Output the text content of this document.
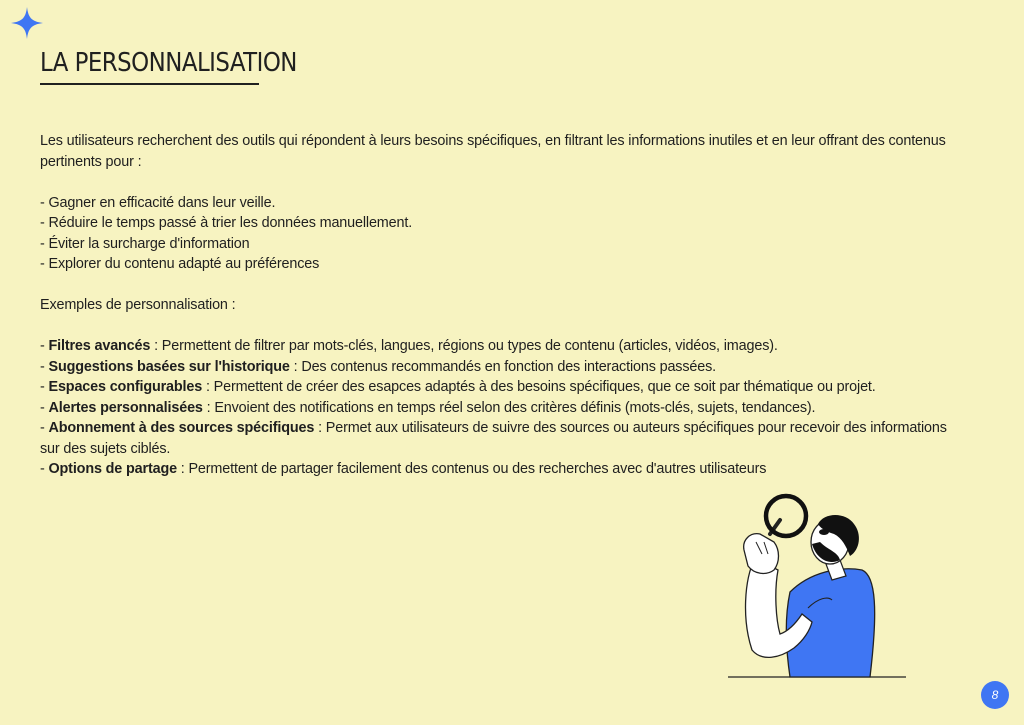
LA PERSONNALISATION

Les utilisateurs recherchent des outils qui répondent à leurs besoins spécifiques, en filtrant les informations inutiles et en leur offrant des contenus pertinents pour :

- Gagner en efficacité dans leur veille.
- Réduire le temps passé à trier les données manuellement.
- Éviter la surcharge d'information
- Explorer du contenu adapté au préférences

Exemples de personnalisation :

- Filtres avancés : Permettent de filtrer par mots-clés, langues, régions ou types de contenu (articles, vidéos, images).
- Suggestions basées sur l'historique : Des contenus recommandés en fonction des interactions passées.
- Espaces configurables : Permettent de créer des esapces adaptés à des besoins spécifiques, que ce soit par thématique ou projet.
- Alertes personnalisées : Envoient des notifications en temps réel selon des critères définis (mots-clés, sujets, tendances).
- Abonnement à des sources spécifiques : Permet aux utilisateurs de suivre des sources ou auteurs spécifiques pour recevoir des informations sur des sujets ciblés.
- Options de partage : Permettent de partager facilement des contenus ou des recherches avec d'autres utilisateurs
8
